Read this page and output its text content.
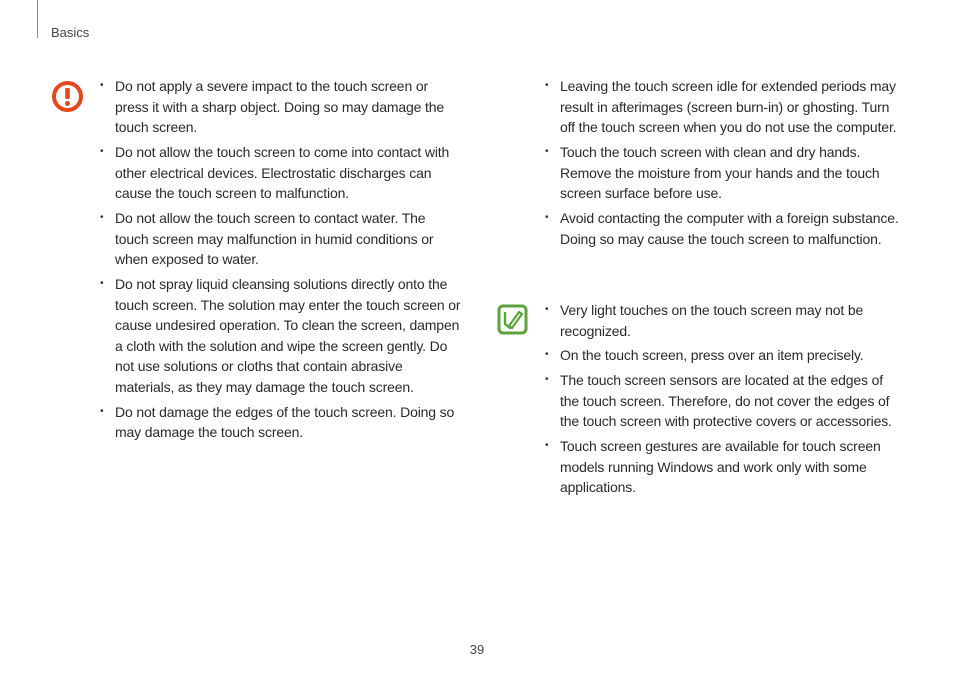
Basics
• Do not apply a severe impact to the touch screen or press it with a sharp object. Doing so may damage the touch screen.
• Do not allow the touch screen to come into contact with other electrical devices. Electrostatic discharges can cause the touch screen to malfunction.
• Do not allow the touch screen to contact water. The touch screen may malfunction in humid conditions or when exposed to water.
• Do not spray liquid cleansing solutions directly onto the touch screen. The solution may enter the touch screen or cause undesired operation. To clean the screen, dampen a cloth with the solution and wipe the screen gently. Do not use solutions or cloths that contain abrasive materials, as they may damage the touch screen.
• Do not damage the edges of the touch screen. Doing so may damage the touch screen.
• Leaving the touch screen idle for extended periods may result in afterimages (screen burn-in) or ghosting. Turn off the touch screen when you do not use the computer.
• Touch the touch screen with clean and dry hands. Remove the moisture from your hands and the touch screen surface before use.
• Avoid contacting the computer with a foreign substance. Doing so may cause the touch screen to malfunction.
• Very light touches on the touch screen may not be recognized.
• On the touch screen, press over an item precisely.
• The touch screen sensors are located at the edges of the touch screen. Therefore, do not cover the edges of the touch screen with protective covers or accessories.
• Touch screen gestures are available for touch screen models running Windows and work only with some applications.
39
